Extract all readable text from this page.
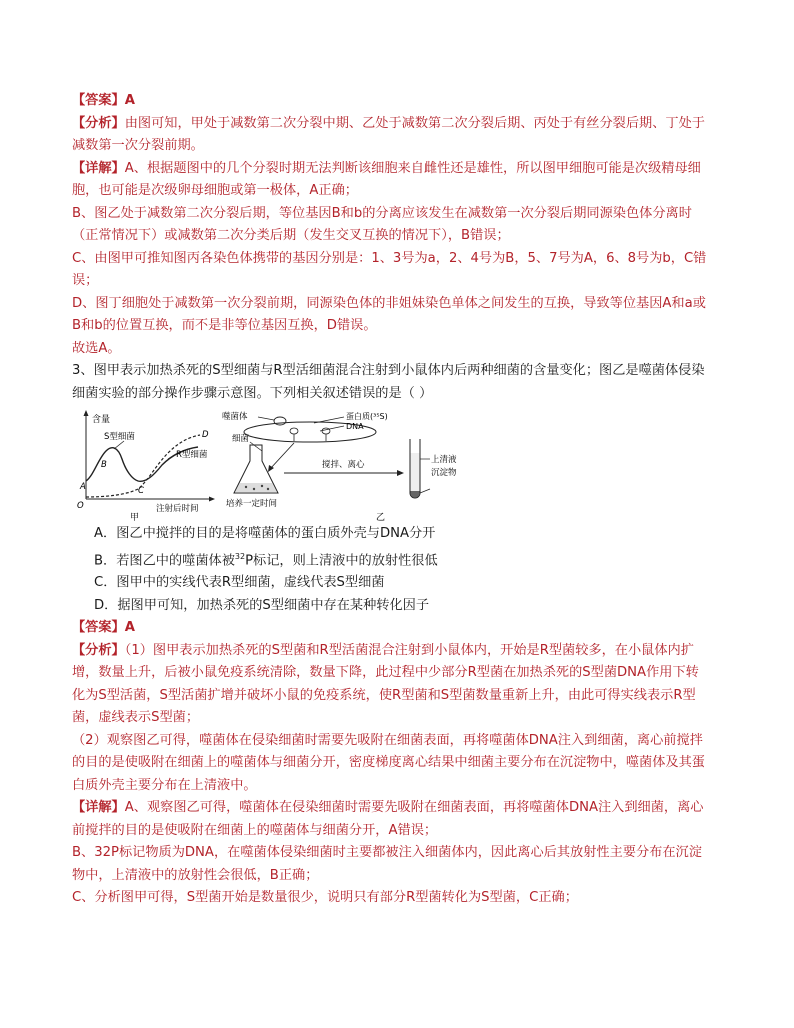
【答案】A

【分析】由图可知，甲处于减数第二次分裂中期、乙处于减数第二次分裂后期、丙处于有丝分裂后期、丁处于

减数第一次分裂前期。

【详解】A、根据题图中的几个分裂时期无法判断该细胞来自雌性还是雄性，所以图甲细胞可能是次级精母细

胞，也可能是次级卵母细胞或第一极体，A正确；

B、图乙处于减数第二次分裂后期，等位基因B和b的分离应该发生在减数第一次分裂后期同源染色体分离时

（正常情况下）或减数第二次分类后期（发生交叉互换的情况下），B错误；

C、由图甲可推知图丙各染色体携带的基因分别是：1、3号为a，2、4号为B，5、7号为A，6、8号为b，C错

误；

D、图丁细胞处于减数第一次分裂前期，同源染色体的非姐妹染色单体之间发生的互换，导致等位基因A和a或

B和b的位置互换，而不是非等位基因互换，D错误。

故选A。

3、图甲表示加热杀死的S型细菌与R型活细菌混合注射到小鼠体内后两种细菌的含量变化；图乙是噬菌体侵染

细菌实验的部分操作步骤示意图。下列相关叙述错误的是（ ）

含量
S型细菌
R型细菌
A
B
C
D
O	注射后时间
甲
噬菌体	蛋白质(³⁵S)
DNA
细菌
培养一定时间
搅拌、离心	上清液
沉淀物
乙

A．图乙中搅拌的目的是将噬菌体的蛋白质外壳与DNA分开

B．若图乙中的噬菌体被$^{32}$P标记，则上清液中的放射性很低

C．图甲中的实线代表R型细菌，虚线代表S型细菌

D．据图甲可知，加热杀死的S型细菌中存在某种转化因子

【答案】A

【分析】（1）图甲表示加热杀死的S型菌和R型活菌混合注射到小鼠体内，开始是R型菌较多，在小鼠体内扩

增，数量上升，后被小鼠免疫系统清除，数量下降，此过程中少部分R型菌在加热杀死的S型菌DNA作用下转

化为S型活菌，S型活菌扩增并破坏小鼠的免疫系统，使R型菌和S型菌数量重新上升，由此可得实线表示R型

菌，虚线表示S型菌；

（2）观察图乙可得，噬菌体在侵染细菌时需要先吸附在细菌表面，再将噬菌体DNA注入到细菌，离心前搅拌

的目的是使吸附在细菌上的噬菌体与细菌分开，密度梯度离心结果中细菌主要分布在沉淀物中，噬菌体及其蛋

白质外壳主要分布在上清液中。

【详解】A、观察图乙可得，噬菌体在侵染细菌时需要先吸附在细菌表面，再将噬菌体DNA注入到细菌，离心

前搅拌的目的是使吸附在细菌上的噬菌体与细菌分开，A错误；

B、32P标记物质为DNA，在噬菌体侵染细菌时主要都被注入细菌体内，因此离心后其放射性主要分布在沉淀

物中，上清液中的放射性会很低，B正确；

C、分析图甲可得，S型菌开始是数量很少，说明只有部分R型菌转化为S型菌，C正确；
